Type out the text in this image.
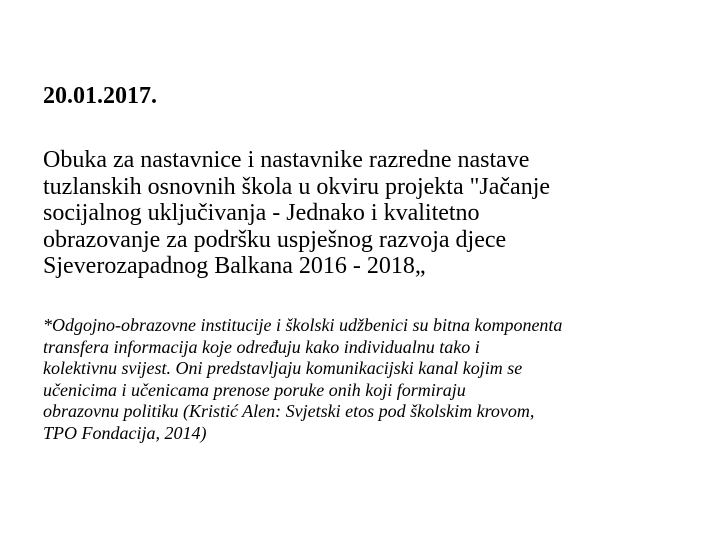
20.01.2017.

Obuka za nastavnice i nastavnike razredne nastave
tuzlanskih osnovnih škola u okviru projekta "Jačanje
socijalnog uključivanja - Jednako i kvalitetno
obrazovanje za podršku uspješnog razvoja djece
Sjeverozapadnog Balkana 2016 - 2018„

*Odgojno-obrazovne institucije i školski udžbenici su bitna komponenta
transfera informacija koje određuju kako individualnu tako i
kolektivnu svijest. Oni predstavljaju komunikacijski kanal kojim se
učenicima i učenicama prenose poruke onih koji formiraju
obrazovnu politiku (Kristić Alen: Svjetski etos pod školskim krovom,
TPO Fondacija, 2014)
